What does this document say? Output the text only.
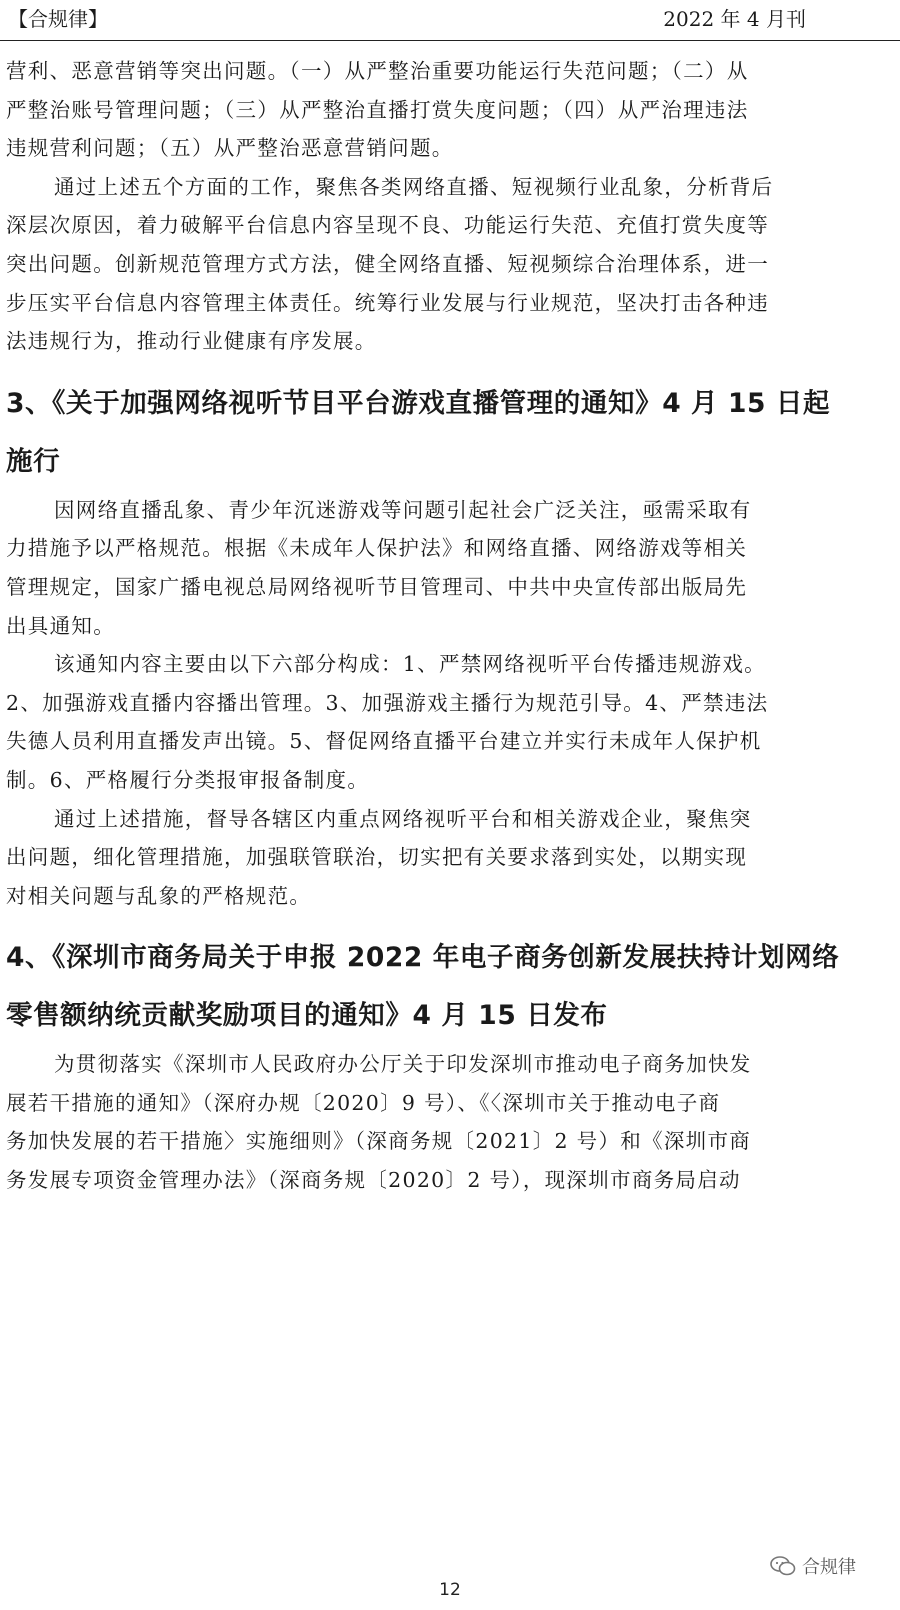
【合规律】	2022 年 4 月刊
营利、恶意营销等突出问题。（一）从严整治重要功能运行失范问题；（二）从
严整治账号管理问题；（三）从严整治直播打赏失度问题；（四）从严治理违法
违规营利问题；（五）从严整治恶意营销问题。
通过上述五个方面的工作，聚焦各类网络直播、短视频行业乱象，分析背后
深层次原因，着力破解平台信息内容呈现不良、功能运行失范、充值打赏失度等
突出问题。创新规范管理方式方法，健全网络直播、短视频综合治理体系，进一
步压实平台信息内容管理主体责任。统筹行业发展与行业规范，坚决打击各种违
法违规行为，推动行业健康有序发展。
3、《关于加强网络视听节目平台游戏直播管理的通知》4 月 15 日起
施行
因网络直播乱象、青少年沉迷游戏等问题引起社会广泛关注，亟需采取有
力措施予以严格规范。根据《未成年人保护法》和网络直播、网络游戏等相关
管理规定，国家广播电视总局网络视听节目管理司、中共中央宣传部出版局先
出具通知。
该通知内容主要由以下六部分构成：1、严禁网络视听平台传播违规游戏。
2、加强游戏直播内容播出管理。3、加强游戏主播行为规范引导。4、严禁违法
失德人员利用直播发声出镜。5、督促网络直播平台建立并实行未成年人保护机
制。6、严格履行分类报审报备制度。
通过上述措施，督导各辖区内重点网络视听平台和相关游戏企业，聚焦突
出问题，细化管理措施，加强联管联治，切实把有关要求落到实处，以期实现
对相关问题与乱象的严格规范。
4、《深圳市商务局关于申报 2022 年电子商务创新发展扶持计划网络
零售额纳统贡献奖励项目的通知》4 月 15 日发布
为贯彻落实《深圳市人民政府办公厅关于印发深圳市推动电子商务加快发
展若干措施的通知》（深府办规〔2020〕9 号）、《〈深圳市关于推动电子商
务加快发展的若干措施〉实施细则》（深商务规〔2021〕2 号）和《深圳市商
务发展专项资金管理办法》（深商务规〔2020〕2 号），现深圳市商务局启动
合规律
12
